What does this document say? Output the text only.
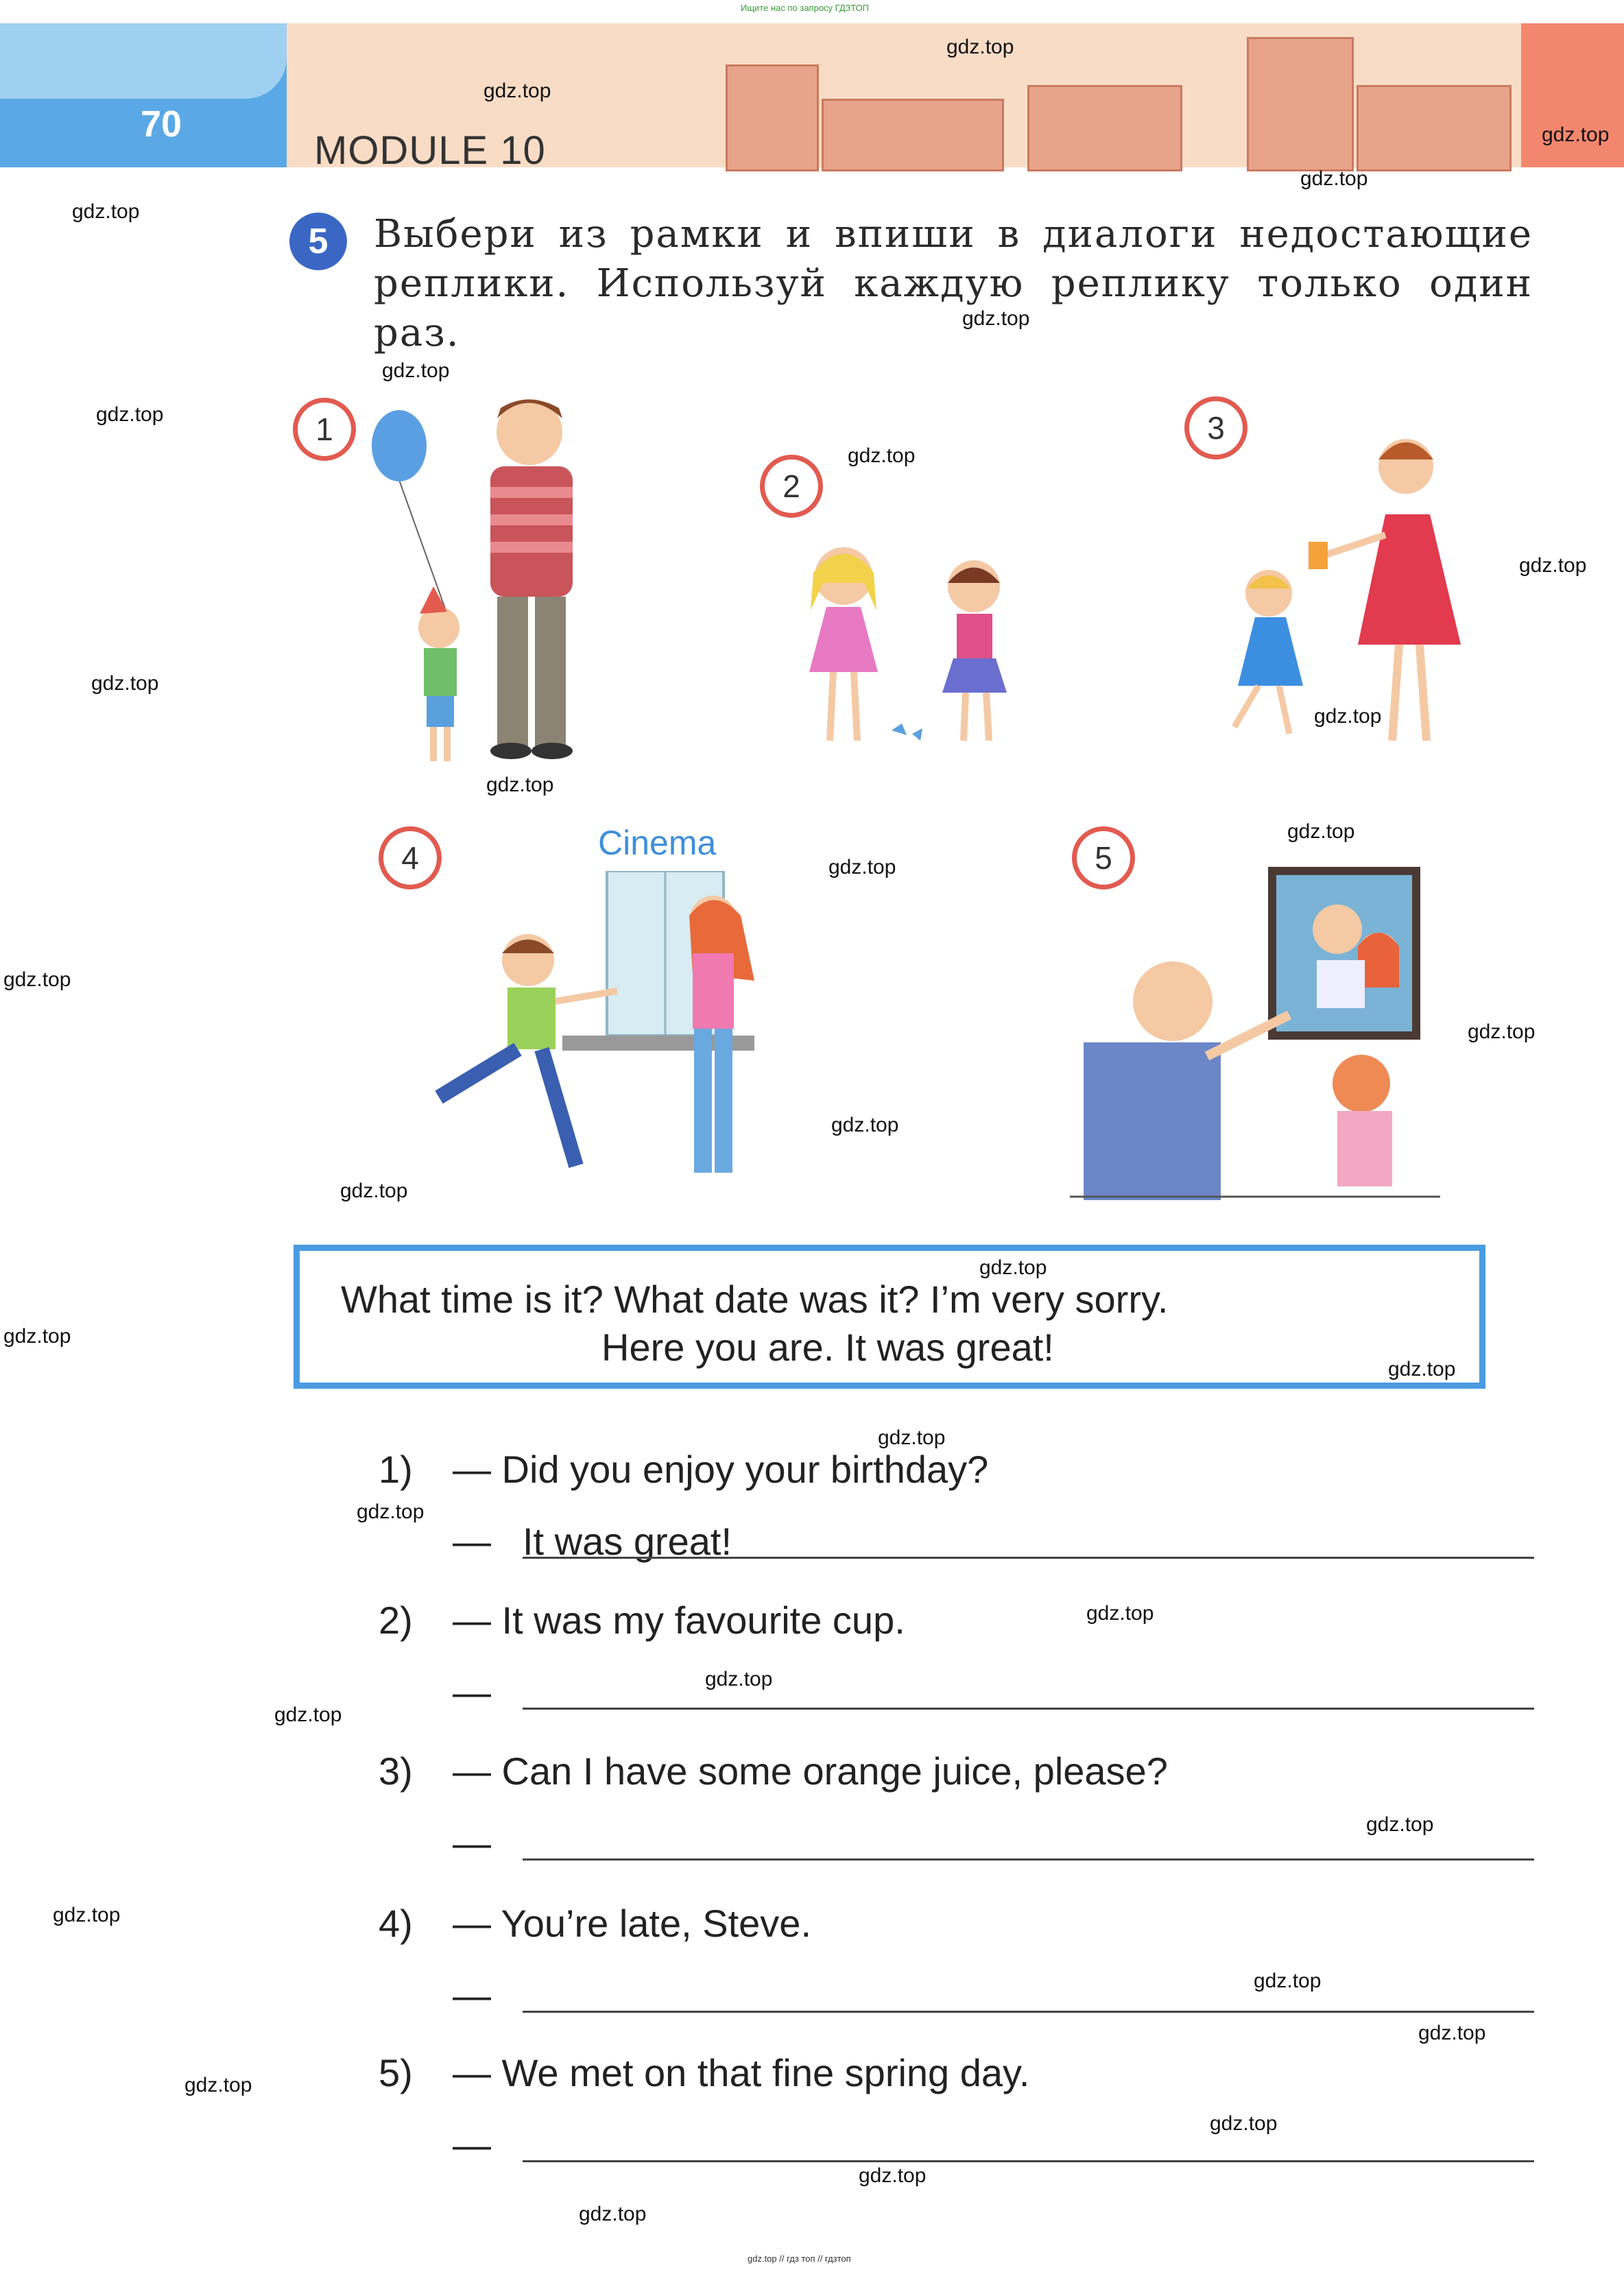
Ищите нас по запросу ГДЗТОП
70
MODULE 10
5	Выбери из рамки и впиши в диалоги недостающие реплики. Используй каждую реплику только один раз.
1
2
3
4	5
Cinema
What time is it? What date was it? I’m very sorry.
Here you are. It was great!
1) — Did you enjoy your birthday?
— It was great!
2) — It was my favourite cup.
—
3) — Can I have some orange juice, please?
—
4) — You’re late, Steve.
—
5) — We met on that fine spring day.
—
gdz.top
gdz.top
gdz.top
gdz.top
gdz.top
gdz.top
gdz.top
gdz.top
gdz.top
gdz.top
gdz.top
gdz.top
gdz.top
gdz.top
gdz.top
gdz.top
gdz.top
gdz.top
gdz.top
gdz.top
gdz.top
gdz.top
gdz.top
gdz.top
gdz.top
gdz.top
gdz.top
gdz.top
gdz.top
gdz.top
gdz.top
gdz.top
gdz.top
gdz.top
gdz.top
gdz.top // гдз топ // гдзтоп
